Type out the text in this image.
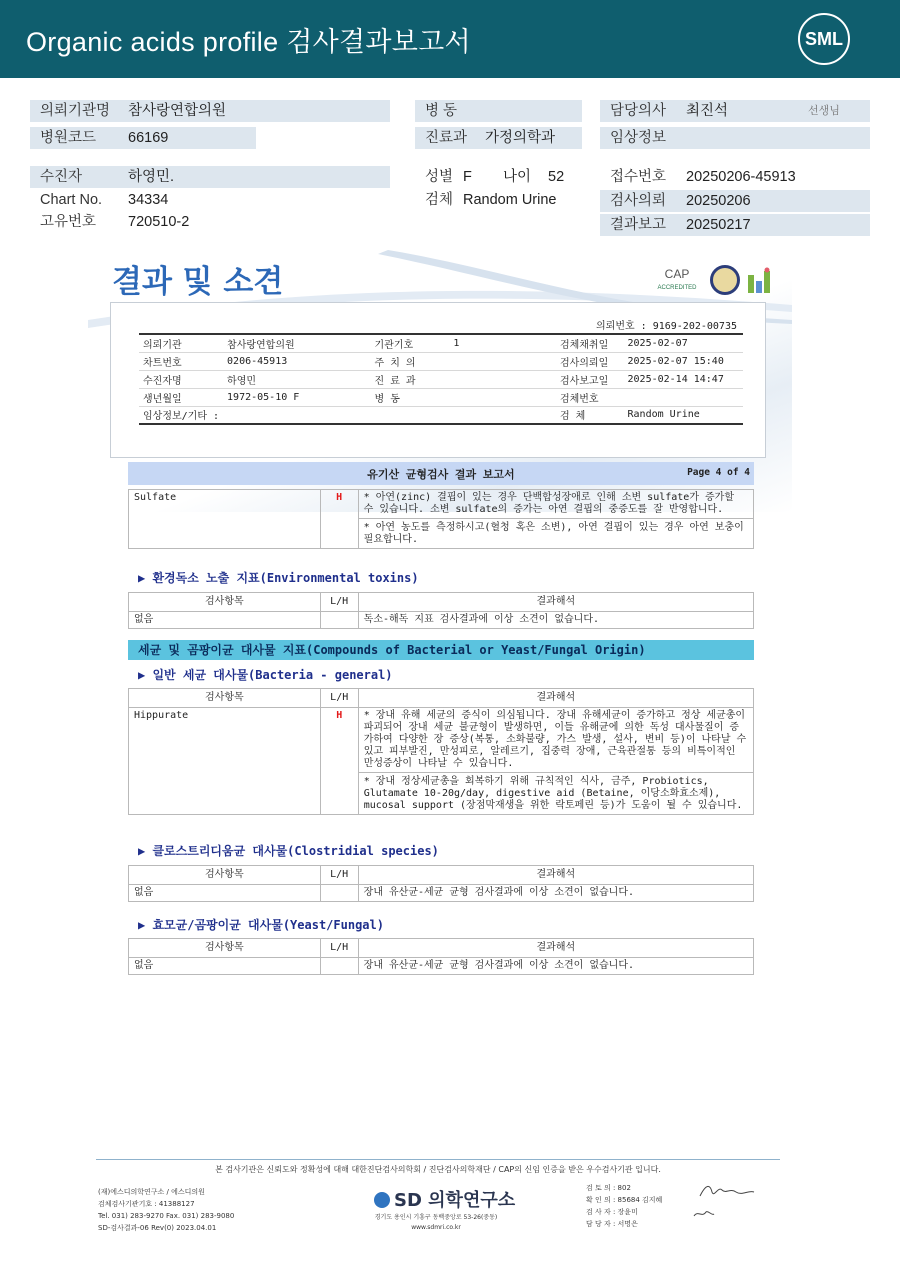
Organic acids profile 검사결과보고서	SML
의뢰기관명 참사랑연합의원
병원코드 66169
병 동
진료과 가정의학과
담당의사 최진석	선생님
임상정보
수진자	하영민.
Chart No. 34334
고유번호 720510-2
성별 F 나이 52
검체 Random Urine
접수번호 20250206-45913
검사의뢰 20250206
결과보고 20250217
결과 및 소견	CAP
ACCREDITED
의뢰번호 : 9169-202-00735
의뢰기관	참사랑연합의원	기관기호	1	검체채취일	2025-02-07
차트번호	0206-45913	주 치 의		검사의뢰일	2025-02-07 15:40
수진자명	하영민	진 료 과		검사보고일	2025-02-14 14:47
생년월일	1972-05-10 F	병 동		검체번호	
임상정보/기타 :				검 체	Random Urine
유기산 균형검사 결과 보고서	Page 4 of 4
Sulfate	H	* 아연(zinc) 결핍이 있는 경우 단백합성장애로 인해 소변 sulfate가 증가할 수 있습니다. 소변 sulfate의 증가는 아연 결핍의 중증도를 잘 반영합니다.
* 아연 농도를 측정하시고(혈청 혹은 소변), 아연 결핍이 있는 경우 아연 보충이 필요합니다.
▶ 환경독소 노출 지표(Environmental toxins)
검사항목	L/H	결과해석
없음		독소-해독 지표 검사결과에 이상 소견이 없습니다.
세균 및 곰팡이균 대사물 지표(Compounds of Bacterial or Yeast/Fungal Origin)
▶ 일반 세균 대사물(Bacteria - general)
검사항목	L/H	결과해석
Hippurate	H	* 장내 유해 세균의 증식이 의심됩니다. 장내 유해세균이 증가하고 정상 세균총이 파괴되어 장내 세균 불균형이 발생하면, 이들 유해균에 의한 독성 대사물질이 증가하여 다양한 장 증상(복통, 소화불량, 가스 발생, 설사, 변비 등)이 나타날 수 있고 피부발진, 만성피로, 알레르기, 집중력 장애, 근육관절통 등의 비특이적인 만성증상이 나타날 수 있습니다.
* 장내 정상세균총을 회복하기 위해 규칙적인 식사, 금주, Probiotics, Glutamate 10-20g/day, digestive aid (Betaine, 이당소화효소제), mucosal support (장점막재생을 위한 락토페린 등)가 도움이 될 수 있습니다.
▶ 클로스트리디움균 대사물(Clostridial species)
검사항목	L/H	결과해석
없음		장내 유산균-세균 균형 검사결과에 이상 소견이 없습니다.
▶ 효모균/곰팡이균 대사물(Yeast/Fungal)
검사항목	L/H	결과해석
없음		장내 유산균-세균 균형 검사결과에 이상 소견이 없습니다.
본 검사기관은 신뢰도와 정확성에 대해 대한진단검사의학회 / 진단검사의학재단 / CAP의 신임 인증을 받은 우수검사기관 입니다.
(재)에스디의학연구소 / 에스디의원
검체검사기관기호 : 41388127
Tel. 031) 283-9270 Fax. 031) 283-9080
SD-검사결과-06 Rev(0) 2023.04.01
SD 의학연구소
경기도 용인시 기흥구 동백중앙로 53-26(중동)
www.sdmri.co.kr
검 토 의 : 802
확 인 의 : 85684 김지혜
검 사 자 : 장윤미
담 당 자 : 서명은
